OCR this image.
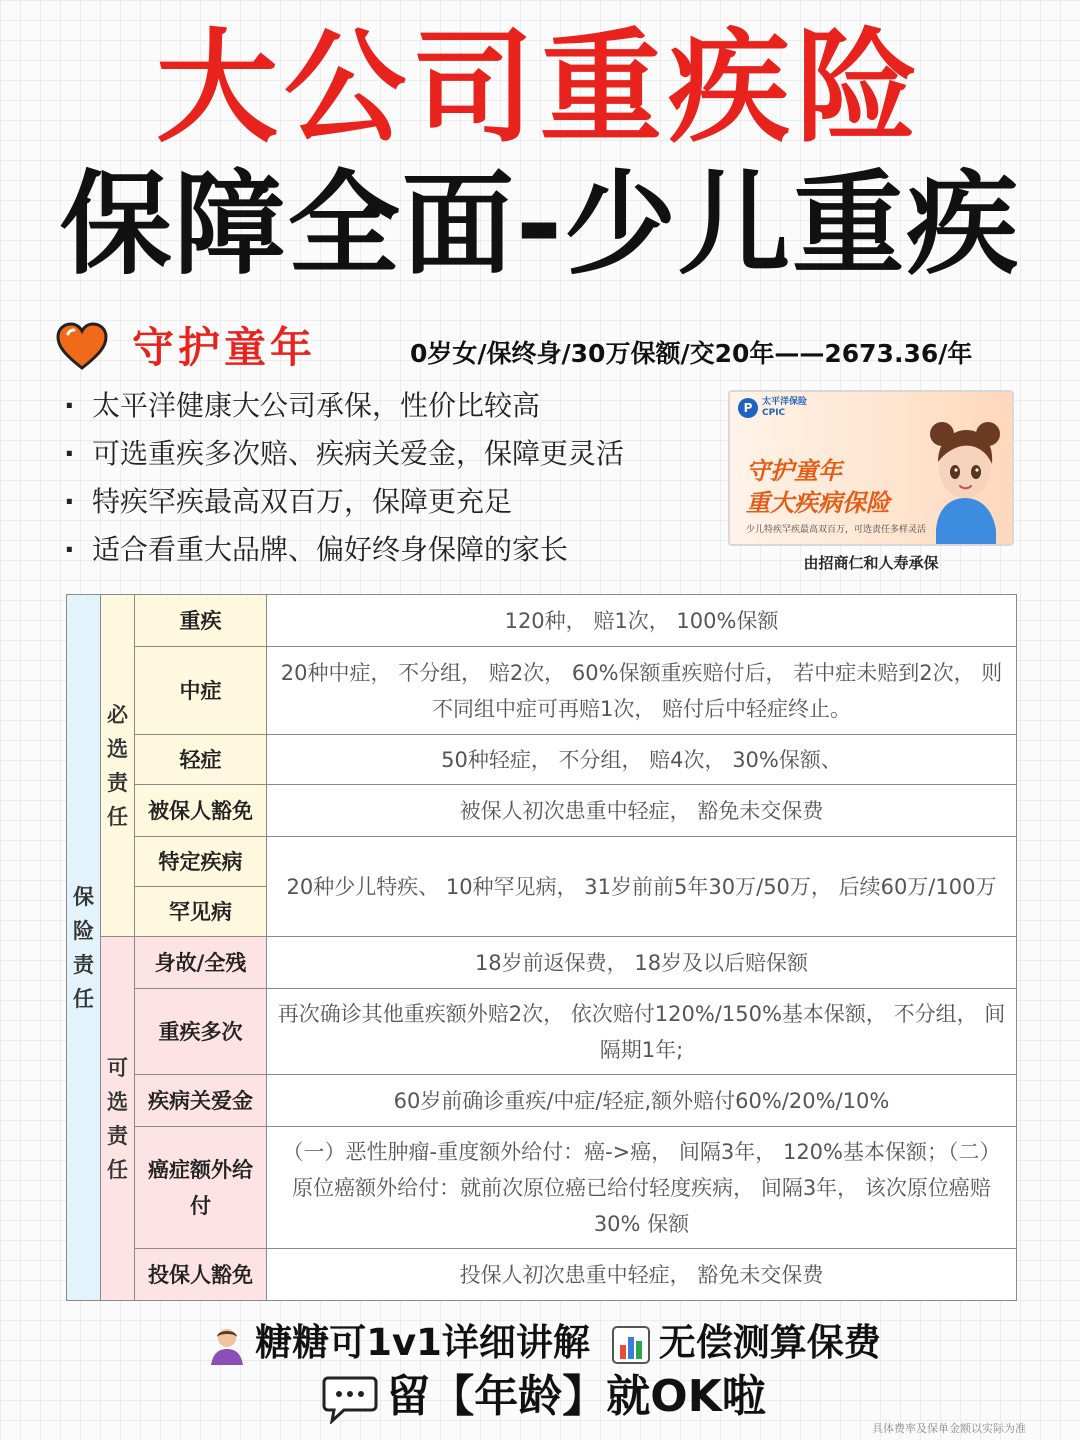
大公司重疾险
保障全面-少儿重疾
守护童年	0岁女/保终身/30万保额/交20年——2673.36/年
· 太平洋健康大公司承保，性价比较高
· 可选重疾多次赔、疾病关爱金，保障更灵活
· 特疾罕疾最高双百万，保障更充足
· 适合看重大品牌、偏好终身保障的家长
P	太平洋保险
CPIC
守护童年
重大疾病保险
少儿特疾罕疾最高双百万，可选责任多样灵活
由招商仁和人寿承保
保险责任	必选责任	重疾	120种， 赔1次， 100%保额
		中症	20种中症， 不分组， 赔2次， 60%保额重疾赔付后， 若中症未赔到2次， 则不同组中症可再赔1次， 赔付后中轻症终止。
		轻症	50种轻症， 不分组， 赔4次， 30%保额、
		被保人豁免	被保人初次患重中轻症， 豁免未交保费
		特定疾病	20种少儿特疾、 10种罕见病， 31岁前前5年30万/50万， 后续60万/100万
		罕见病	

	可选责任	身故/全残	18岁前返保费， 18岁及以后赔保额
		重疾多次	再次确诊其他重疾额外赔2次， 依次赔付120%/150%基本保额， 不分组， 间隔期1年;
		疾病关爱金	60岁前确诊重疾/中症/轻症,额外赔付60%/20%/10%
		癌症额外给付	（一）恶性肿瘤-重度额外给付：癌->癌， 间隔3年， 120%基本保额；（二）原位癌额外给付：就前次原位癌已给付轻度疾病， 间隔3年， 该次原位癌赔30% 保额
		投保人豁免	投保人初次患重中轻症， 豁免未交保费
糖糖可1v1详细讲解 无偿测算保费
留【年龄】就OK啦
具体费率及保单金额以实际为准
